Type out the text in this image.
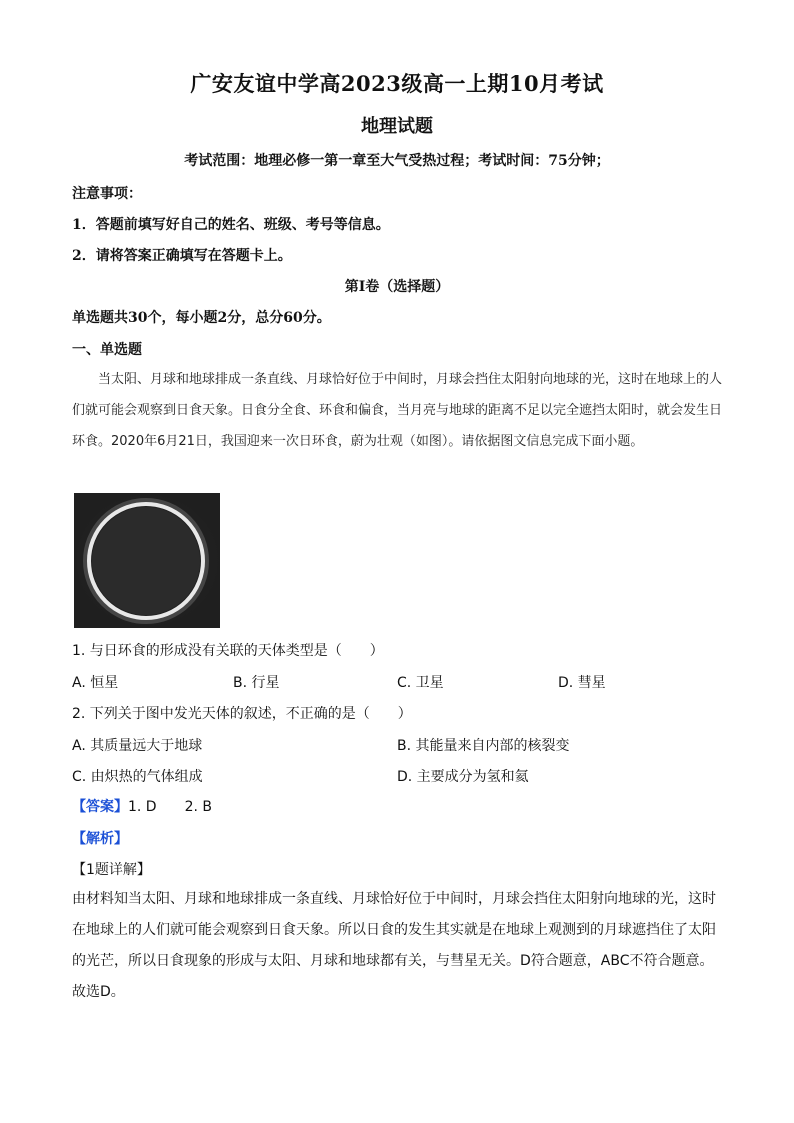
广安友谊中学高2023级高一上期10月考试
地理试题
考试范围：地理必修一第一章至大气受热过程；考试时间：75分钟；
注意事项：
1．答题前填写好自己的姓名、班级、考号等信息。
2．请将答案正确填写在答题卡上。
第I卷（选择题）
单选题共30个，每小题2分，总分60分。
一、单选题

当太阳、月球和地球排成一条直线、月球恰好位于中间时，月球会挡住太阳射向地球的光，这时在地球上的人们就可能会观察到日食天象。日食分全食、环食和偏食，当月亮与地球的距离不足以完全遮挡太阳时，就会发生日环食。2020年6月21日，我国迎来一次日环食，蔚为壮观（如图）。请依据图文信息完成下面小题。

1. 与日环食的形成没有关联的天体类型是（　　）
A. 恒星	B. 行星	C. 卫星	D. 彗星
2. 下列关于图中发光天体的叙述，不正确的是（　　）
A. 其质量远大于地球	B. 其能量来自内部的核裂变
C. 由炽热的气体组成	D. 主要成分为氢和氦
【答案】1. D　　2. B
【解析】
【1题详解】
由材料知当太阳、月球和地球排成一条直线、月球恰好位于中间时，月球会挡住太阳射向地球的光，这时在地球上的人们就可能会观察到日食天象。所以日食的发生其实就是在地球上观测到的月球遮挡住了太阳的光芒，所以日食现象的形成与太阳、月球和地球都有关，与彗星无关。D符合题意，ABC不符合题意。故选D。
